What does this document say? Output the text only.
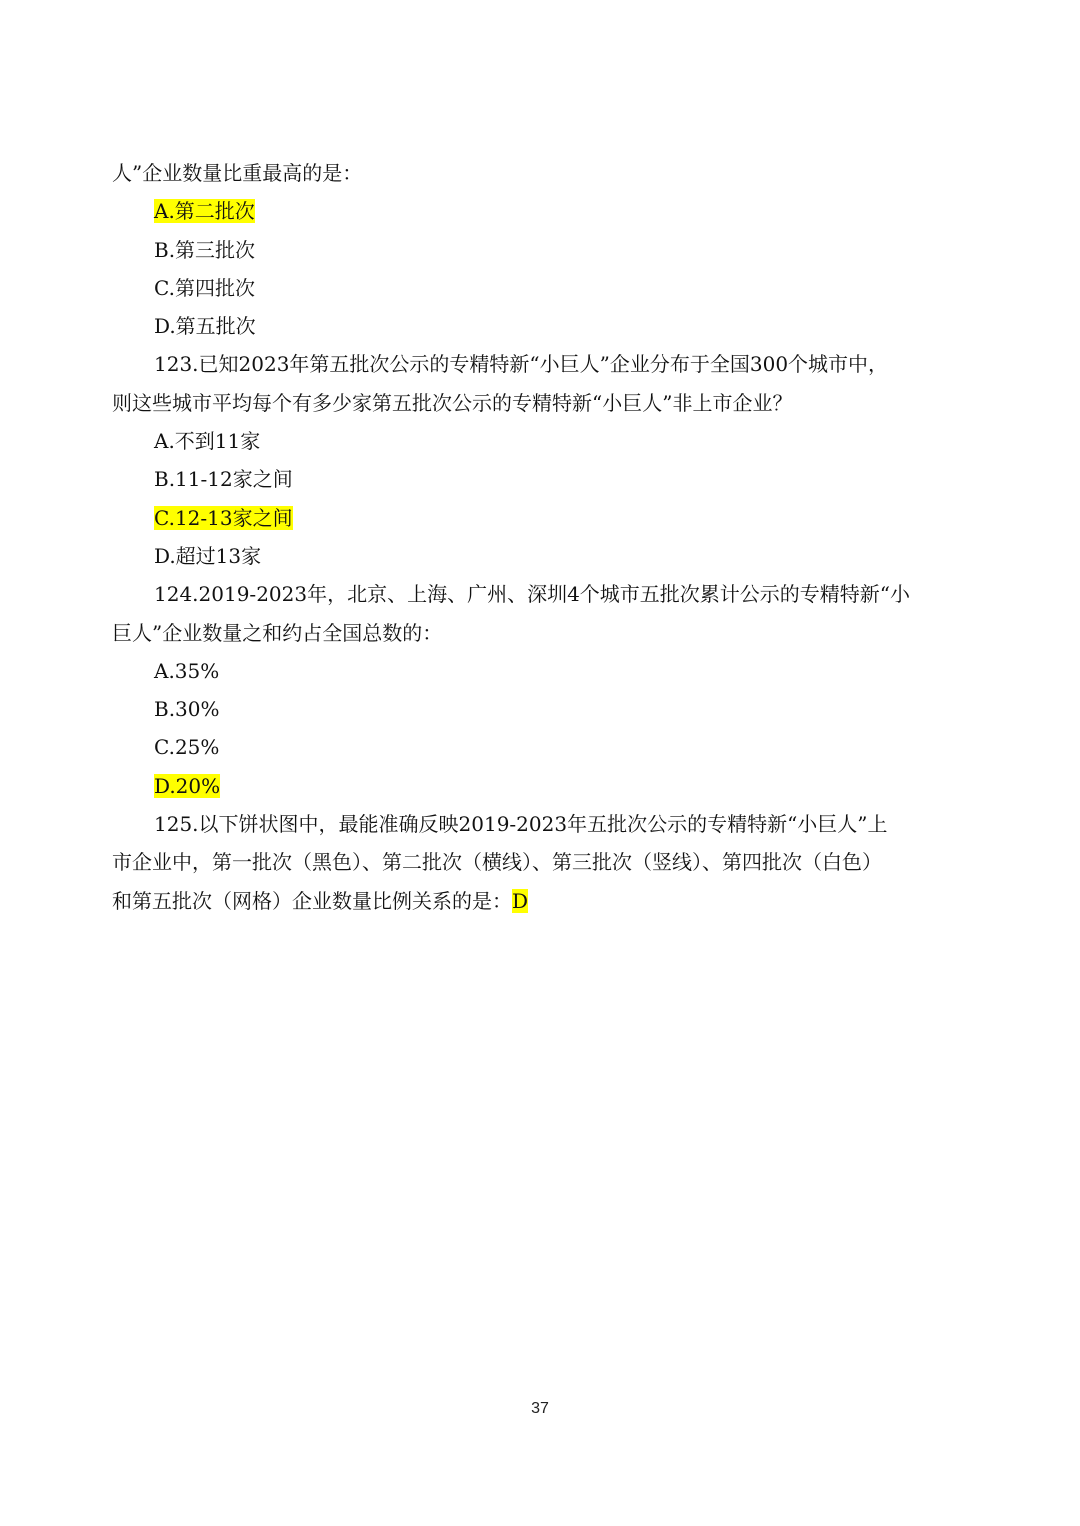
人”企业数量比重最高的是：
A.第二批次
B.第三批次
C.第四批次
D.第五批次
123.已知2023年第五批次公示的专精特新“小巨人”企业分布于全国300个城市中，
则这些城市平均每个有多少家第五批次公示的专精特新“小巨人”非上市企业？
A.不到11家
B.11-12家之间
C.12-13家之间
D.超过13家
124.2019-2023年，北京、上海、广州、深圳4个城市五批次累计公示的专精特新“小
巨人”企业数量之和约占全国总数的：
A.35%
B.30%
C.25%
D.20%
125.以下饼状图中，最能准确反映2019-2023年五批次公示的专精特新“小巨人”上
市企业中，第一批次（黑色）、第二批次（横线）、第三批次（竖线）、第四批次（白色）
和第五批次（网格）企业数量比例关系的是：D
37
